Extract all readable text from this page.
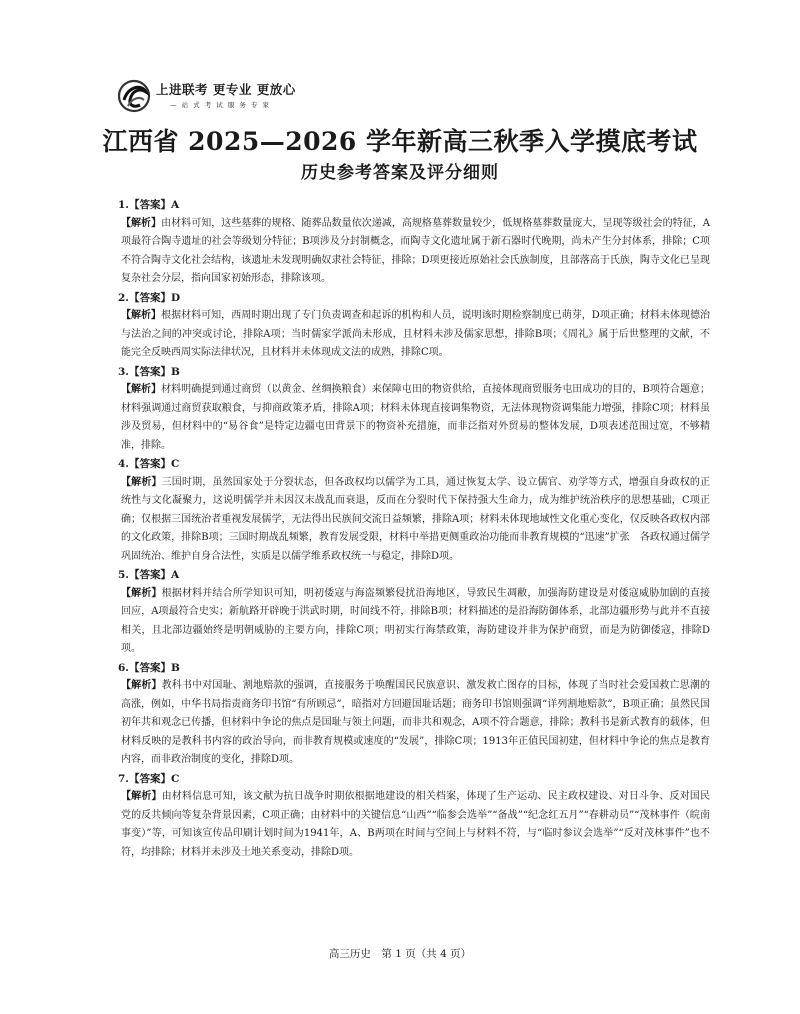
上进联考 更专业 更放心
— 站 式 考 试 服 务 专 家
江西省 2025—2026 学年新高三秋季入学摸底考试
历史参考答案及评分细则
1.【答案】A
【解析】由材料可知，这些墓葬的规格、随葬品数量依次递减，高规格墓葬数量较少，低规格墓葬数量庞大，呈现等级社会的特征，A项最符合陶寺遗址的社会等级划分特征；B项涉及分封制概念，而陶寺文化遗址属于新石器时代晚期，尚未产生分封体系，排除；C项不符合陶寺文化社会结构，该遗址未发现明确奴隶社会特征，排除；D项更接近原始社会氏族制度，且部落高于氏族，陶寺文化已呈现复杂社会分层，指向国家初始形态，排除该项。
2.【答案】D
【解析】根据材料可知，西周时期出现了专门负责调查和起诉的机构和人员，说明该时期检察制度已萌芽，D项正确；材料未体现德治与法治之间的冲突或讨论，排除A项；当时儒家学派尚未形成，且材料未涉及儒家思想，排除B项；《周礼》属于后世整理的文献，不能完全反映西周实际法律状况，且材料并未体现成文法的成熟，排除C项。
3.【答案】B
【解析】材料明确提到通过商贸（以黄金、丝绸换粮食）来保障屯田的物资供给，直接体现商贸服务屯田成功的目的，B项符合题意；材料强调通过商贸获取粮食，与抑商政策矛盾，排除A项；材料未体现直接调集物资，无法体现物资调集能力增强，排除C项；材料虽涉及贸易，但材料中的“易谷食”是特定边疆屯田背景下的物资补充措施，而非泛指对外贸易的整体发展，D项表述范围过宽，不够精准，排除。
4.【答案】C
【解析】三国时期，虽然国家处于分裂状态，但各政权均以儒学为工具，通过恢复太学、设立儒官、劝学等方式，增强自身政权的正统性与文化凝聚力，这说明儒学并未因汉末战乱而衰退，反而在分裂时代下保持强大生命力，成为维护统治秩序的思想基础，C项正确；仅根据三国统治者重视发展儒学，无法得出民族间交流日益频繁，排除A项；材料未体现地域性文化重心变化，仅反映各政权内部的文化政策，排除B项；三国时期战乱频繁，教育发展受限，材料中举措更侧重政治功能而非教育规模的“迅速”扩张　各政权通过儒学巩固统治、维护自身合法性，实质是以儒学维系政权统一与稳定，排除D项。
5.【答案】A
【解析】根据材料并结合所学知识可知，明初倭寇与海盗频繁侵扰沿海地区，导致民生凋敝，加强海防建设是对倭寇威胁加剧的直接回应，A项最符合史实；新航路开辟晚于洪武时期，时间线不符，排除B项；材料描述的是沿海防御体系，北部边疆形势与此并不直接相关，且北部边疆始终是明朝威胁的主要方向，排除C项；明初实行海禁政策，海防建设并非为保护商贸，而是为防御倭寇，排除D项。
6.【答案】B
【解析】教科书中对国耻、割地赔款的强调，直接服务于唤醒国民民族意识、激发救亡图存的目标，体现了当时社会爱国救亡思潮的高涨，例如，中华书局指责商务印书馆“有所顾忌”，暗指对方回避国耻话题；商务印书馆则强调“详列割地赔款”，B项正确；虽然民国初年共和观念已传播，但材料中争论的焦点是国耻与领土问题，而非共和观念，A项不符合题意，排除；教科书是新式教育的载体，但材料反映的是教科书内容的政治导向，而非教育规模或速度的“发展”，排除C项；1913年正值民国初建，但材料中争论的焦点是教育内容，而非政治制度的变化，排除D项。
7.【答案】C
【解析】由材料信息可知，该文献为抗日战争时期依根据地建设的相关档案，体现了生产运动、民主政权建设、对日斗争、反对国民党的反共倾向等复杂背景因素，C项正确；由材料中的关键信息“山西”“临参会选举”“备战”“纪念红五月”“春耕动员”“茂林事件（皖南事变）”等，可知该宣传品印刷计划时间为1941年，A、B两项在时间与空间上与材料不符，与“临时参议会选举”“反对茂林事件”也不符，均排除；材料并未涉及土地关系变动，排除D项。
高三历史　第 1 页（共 4 页）
